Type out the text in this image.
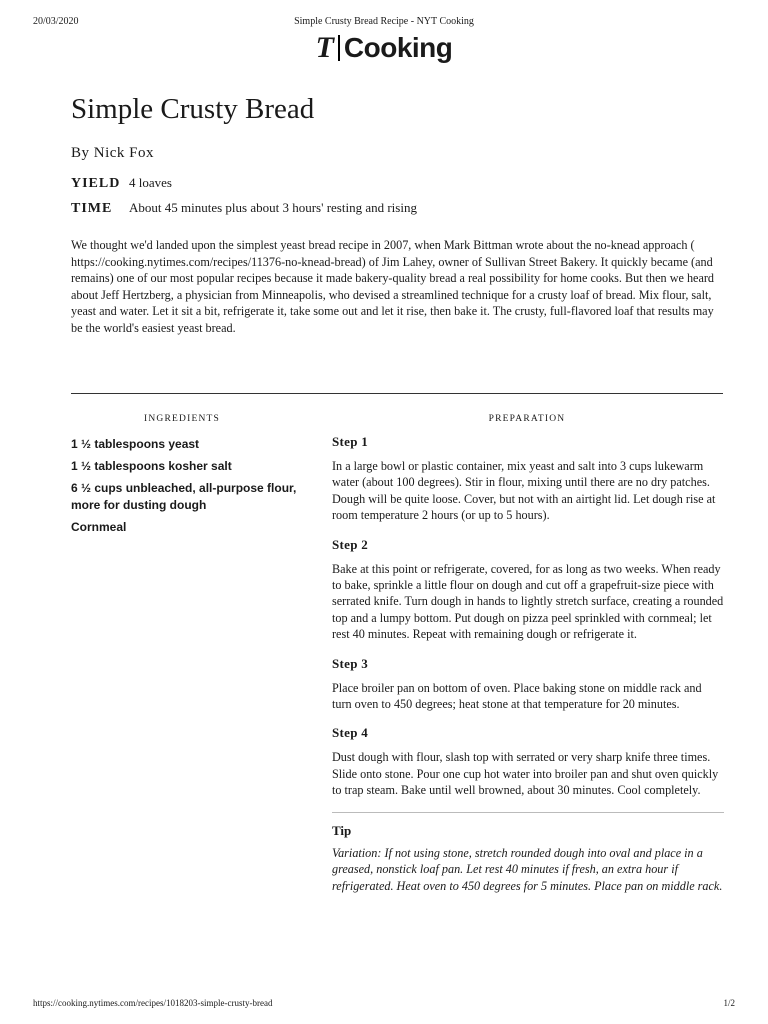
20/03/2020	Simple Crusty Bread Recipe - NYT Cooking
T Cooking
Simple Crusty Bread
By Nick Fox
YIELD 4 loaves
TIME	About 45 minutes plus about 3 hours' resting and rising

We thought we'd landed upon the simplest yeast bread recipe in 2007, when Mark Bittman wrote about the no-knead approach ( https://cooking.nytimes.com/recipes/11376-no-knead-bread) of Jim Lahey, owner of Sullivan Street Bakery. It quickly became (and remains) one of our most popular recipes because it made bakery-quality bread a real possibility for home cooks. But then we heard about Jeff Hertzberg, a physician from Minneapolis, who devised a streamlined technique for a crusty loaf of bread. Mix flour, salt, yeast and water. Let it sit a bit, refrigerate it, take some out and let it rise, then bake it. The crusty, full-flavored loaf that results may be the world's easiest yeast bread.

INGREDIENTS	PREPARATION
1 ½ tablespoons yeast
1 ½ tablespoons kosher salt
6 ½ cups unbleached, all-purpose flour, more for dusting dough
Cornmeal
Step 1

In a large bowl or plastic container, mix yeast and salt into 3 cups lukewarm water (about 100 degrees). Stir in flour, mixing until there are no dry patches. Dough will be quite loose. Cover, but not with an airtight lid. Let dough rise at room temperature 2 hours (or up to 5 hours).

Step 2

Bake at this point or refrigerate, covered, for as long as two weeks. When ready to bake, sprinkle a little flour on dough and cut off a grapefruit-size piece with serrated knife. Turn dough in hands to lightly stretch surface, creating a rounded top and a lumpy bottom. Put dough on pizza peel sprinkled with cornmeal; let rest 40 minutes. Repeat with remaining dough or refrigerate it.

Step 3

Place broiler pan on bottom of oven. Place baking stone on middle rack and turn oven to 450 degrees; heat stone at that temperature for 20 minutes.

Step 4

Dust dough with flour, slash top with serrated or very sharp knife three times. Slide onto stone. Pour one cup hot water into broiler pan and shut oven quickly to trap steam. Bake until well browned, about 30 minutes. Cool completely.

Tip

Variation: If not using stone, stretch rounded dough into oval and place in a greased, nonstick loaf pan. Let rest 40 minutes if fresh, an extra hour if refrigerated. Heat oven to 450 degrees for 5 minutes. Place pan on middle rack.

https://cooking.nytimes.com/recipes/1018203-simple-crusty-bread	1/2
